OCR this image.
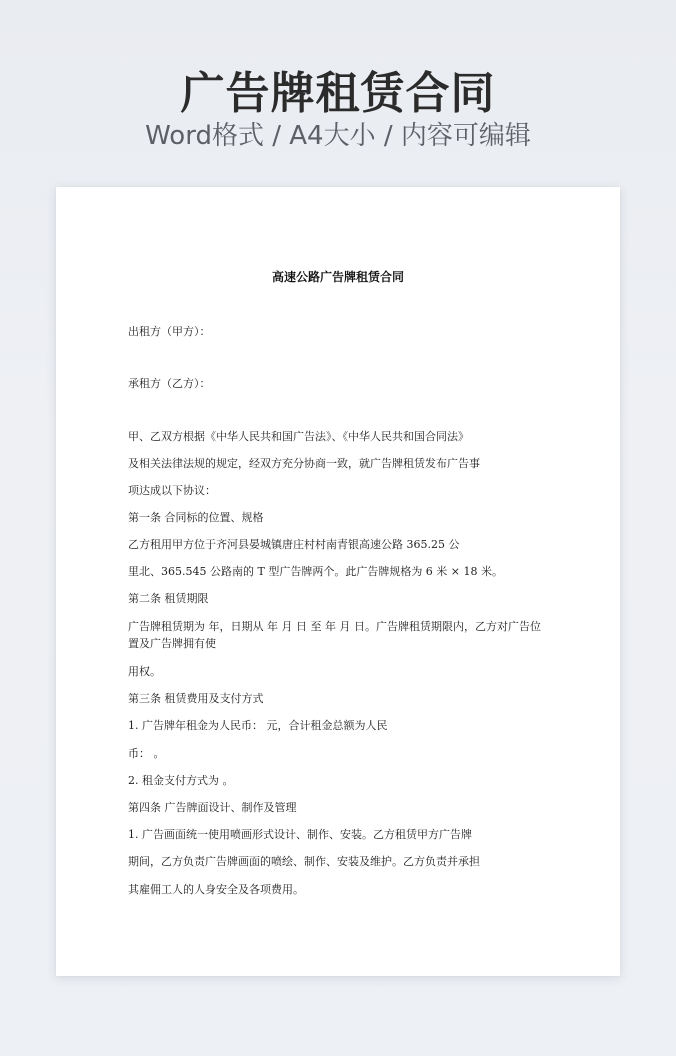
广告牌租赁合同
Word格式 / A4大小 / 内容可编辑
高速公路广告牌租赁合同
出租方（甲方）：
承租方（乙方）：
甲、乙双方根据《中华人民共和国广告法》、《中华人民共和国合同法》
及相关法律法规的规定，经双方充分协商一致，就广告牌租赁发布广告事
项达成以下协议：
第一条 合同标的位置、规格
乙方租用甲方位于齐河县晏城镇唐庄村村南青银高速公路 365.25 公
里北、365.545 公路南的 T 型广告牌两个。此广告牌规格为 6 米 × 18 米。
第二条 租赁期限
广告牌租赁期为 年，日期从 年 月 日 至 年 月 日。广告牌租赁期限内，乙方对广告位
置及广告牌拥有使
用权。
第三条 租赁费用及支付方式
1. 广告牌年租金为人民币： 元，合计租金总额为人民
币： 。
2. 租金支付方式为 。
第四条 广告牌面设计、制作及管理
1. 广告画面统一使用喷画形式设计、制作、安装。乙方租赁甲方广告牌
期间，乙方负责广告牌画面的喷绘、制作、安装及维护。乙方负责并承担
其雇佣工人的人身安全及各项费用。
